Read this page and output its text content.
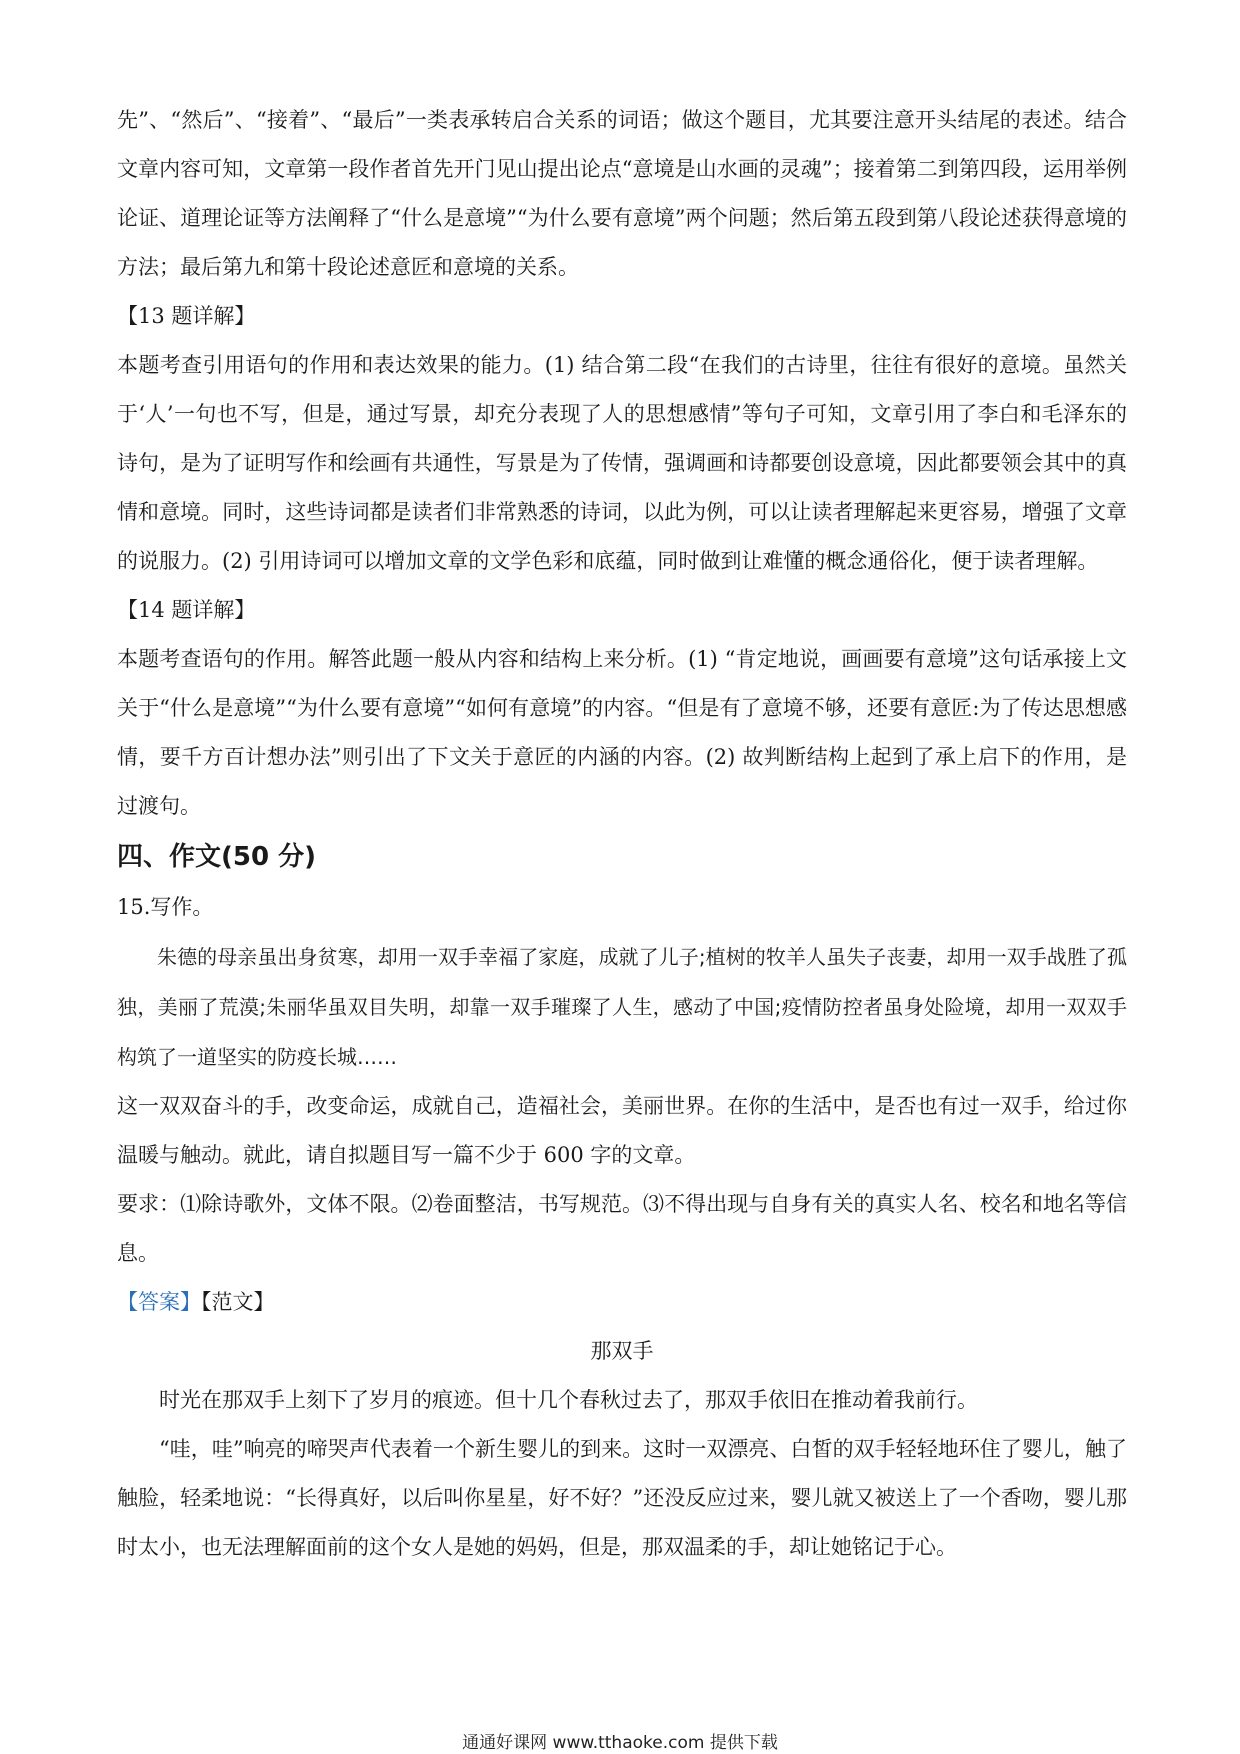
先”、“然后”、“接着”、“最后”一类表承转启合关系的词语；做这个题目，尤其要注意开头结尾的表述。结合文章内容可知，文章第一段作者首先开门见山提出论点“意境是山水画的灵魂”；接着第二到第四段，运用举例论证、道理论证等方法阐释了“什么是意境”“为什么要有意境”两个问题；然后第五段到第八段论述获得意境的方法；最后第九和第十段论述意匠和意境的关系。

【13 题详解】

本题考查引用语句的作用和表达效果的能力。(1) 结合第二段“在我们的古诗里，往往有很好的意境。虽然关于‘人’一句也不写，但是，通过写景，却充分表现了人的思想感情”等句子可知，文章引用了李白和毛泽东的诗句，是为了证明写作和绘画有共通性，写景是为了传情，强调画和诗都要创设意境，因此都要领会其中的真情和意境。同时，这些诗词都是读者们非常熟悉的诗词，以此为例，可以让读者理解起来更容易，增强了文章的说服力。(2) 引用诗词可以增加文章的文学色彩和底蕴，同时做到让难懂的概念通俗化，便于读者理解。

【14 题详解】

本题考查语句的作用。解答此题一般从内容和结构上来分析。(1) “肯定地说，画画要有意境”这句话承接上文关于“什么是意境”“为什么要有意境”“如何有意境”的内容。“但是有了意境不够，还要有意匠:为了传达思想感情，要千方百计想办法”则引出了下文关于意匠的内涵的内容。(2) 故判断结构上起到了承上启下的作用，是过渡句。

四、作文(50 分)
15.写作。

朱德的母亲虽出身贫寒，却用一双手幸福了家庭，成就了儿子;植树的牧羊人虽失子丧妻，却用一双手战胜了孤独，美丽了荒漠;朱丽华虽双目失明，却靠一双手璀璨了人生，感动了中国;疫情防控者虽身处险境，却用一双双手构筑了一道坚实的防疫长城……

这一双双奋斗的手，改变命运，成就自己，造福社会，美丽世界。在你的生活中，是否也有过一双手，给过你温暖与触动。就此，请自拟题目写一篇不少于 600 字的文章。

要求：⑴除诗歌外，文体不限。⑵卷面整洁，书写规范。⑶不得出现与自身有关的真实人名、校名和地名等信息。

【答案】【范文】
那双手

时光在那双手上刻下了岁月的痕迹。但十几个春秋过去了，那双手依旧在推动着我前行。

“哇，哇”响亮的啼哭声代表着一个新生婴儿的到来。这时一双漂亮、白皙的双手轻轻地环住了婴儿，触了触脸，轻柔地说：“长得真好，以后叫你星星，好不好？”还没反应过来，婴儿就又被送上了一个香吻，婴儿那时太小，也无法理解面前的这个女人是她的妈妈，但是，那双温柔的手，却让她铭记于心。

通通好课网 www.tthaoke.com 提供下载
